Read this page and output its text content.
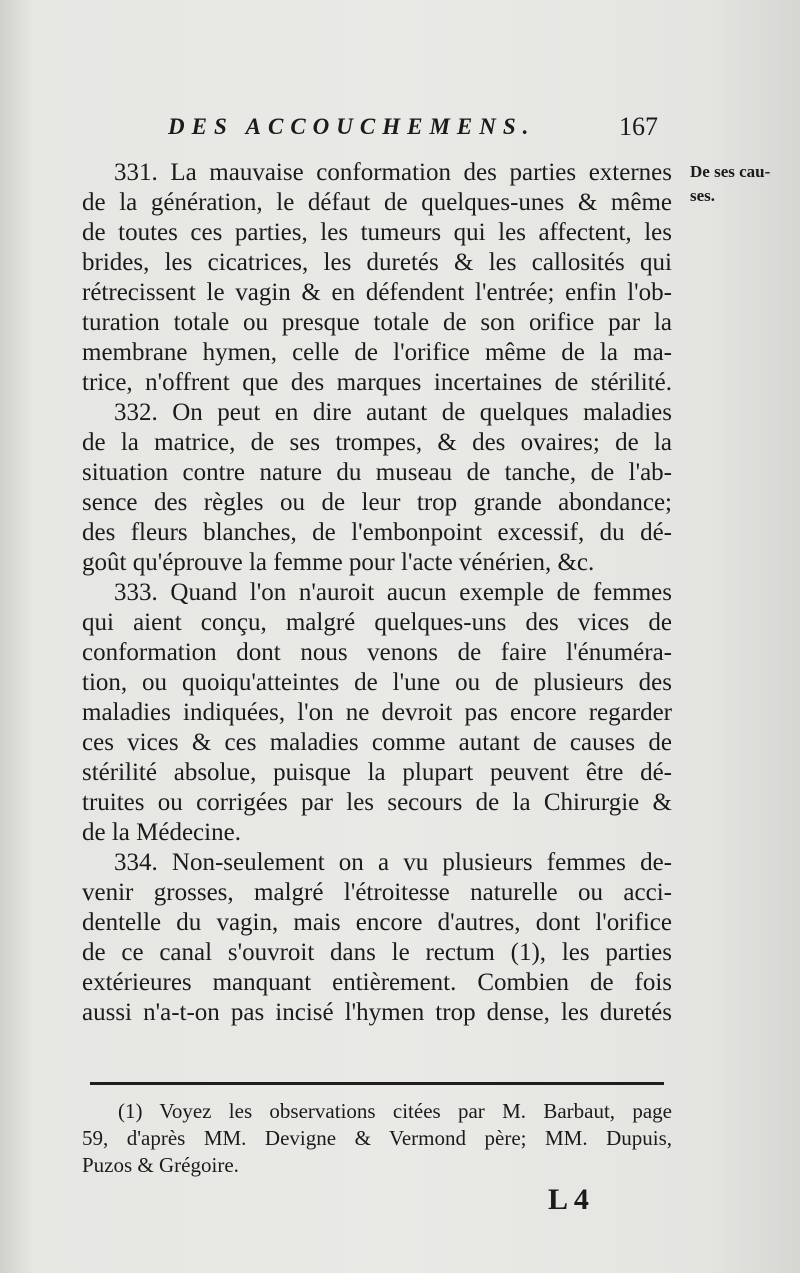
DES ACCOUCHEMENS.	167
De ses cau-
ses.
331. La mauvaise conformation des parties externes
de la génération, le défaut de quelques-unes & même
de toutes ces parties, les tumeurs qui les affectent, les
brides, les cicatrices, les duretés & les callosités qui
rétrecissent le vagin & en défendent l'entrée; enfin l'ob-
turation totale ou presque totale de son orifice par la
membrane hymen, celle de l'orifice même de la ma-
trice, n'offrent que des marques incertaines de stérilité.
332. On peut en dire autant de quelques maladies
de la matrice, de ses trompes, & des ovaires; de la
situation contre nature du museau de tanche, de l'ab-
sence des règles ou de leur trop grande abondance;
des fleurs blanches, de l'embonpoint excessif, du dé-
goût qu'éprouve la femme pour l'acte vénérien, &c.
333. Quand l'on n'auroit aucun exemple de femmes
qui aient conçu, malgré quelques-uns des vices de
conformation dont nous venons de faire l'énuméra-
tion, ou quoiqu'atteintes de l'une ou de plusieurs des
maladies indiquées, l'on ne devroit pas encore regarder
ces vices & ces maladies comme autant de causes de
stérilité absolue, puisque la plupart peuvent être dé-
truites ou corrigées par les secours de la Chirurgie &
de la Médecine.
334. Non-seulement on a vu plusieurs femmes de-
venir grosses, malgré l'étroitesse naturelle ou acci-
dentelle du vagin, mais encore d'autres, dont l'orifice
de ce canal s'ouvroit dans le rectum (1), les parties
extérieures manquant entièrement. Combien de fois
aussi n'a-t-on pas incisé l'hymen trop dense, les duretés
(1) Voyez les observations citées par M. Barbaut, page
59, d'après MM. Devigne & Vermond père; MM. Dupuis,
Puzos & Grégoire.
L 4
